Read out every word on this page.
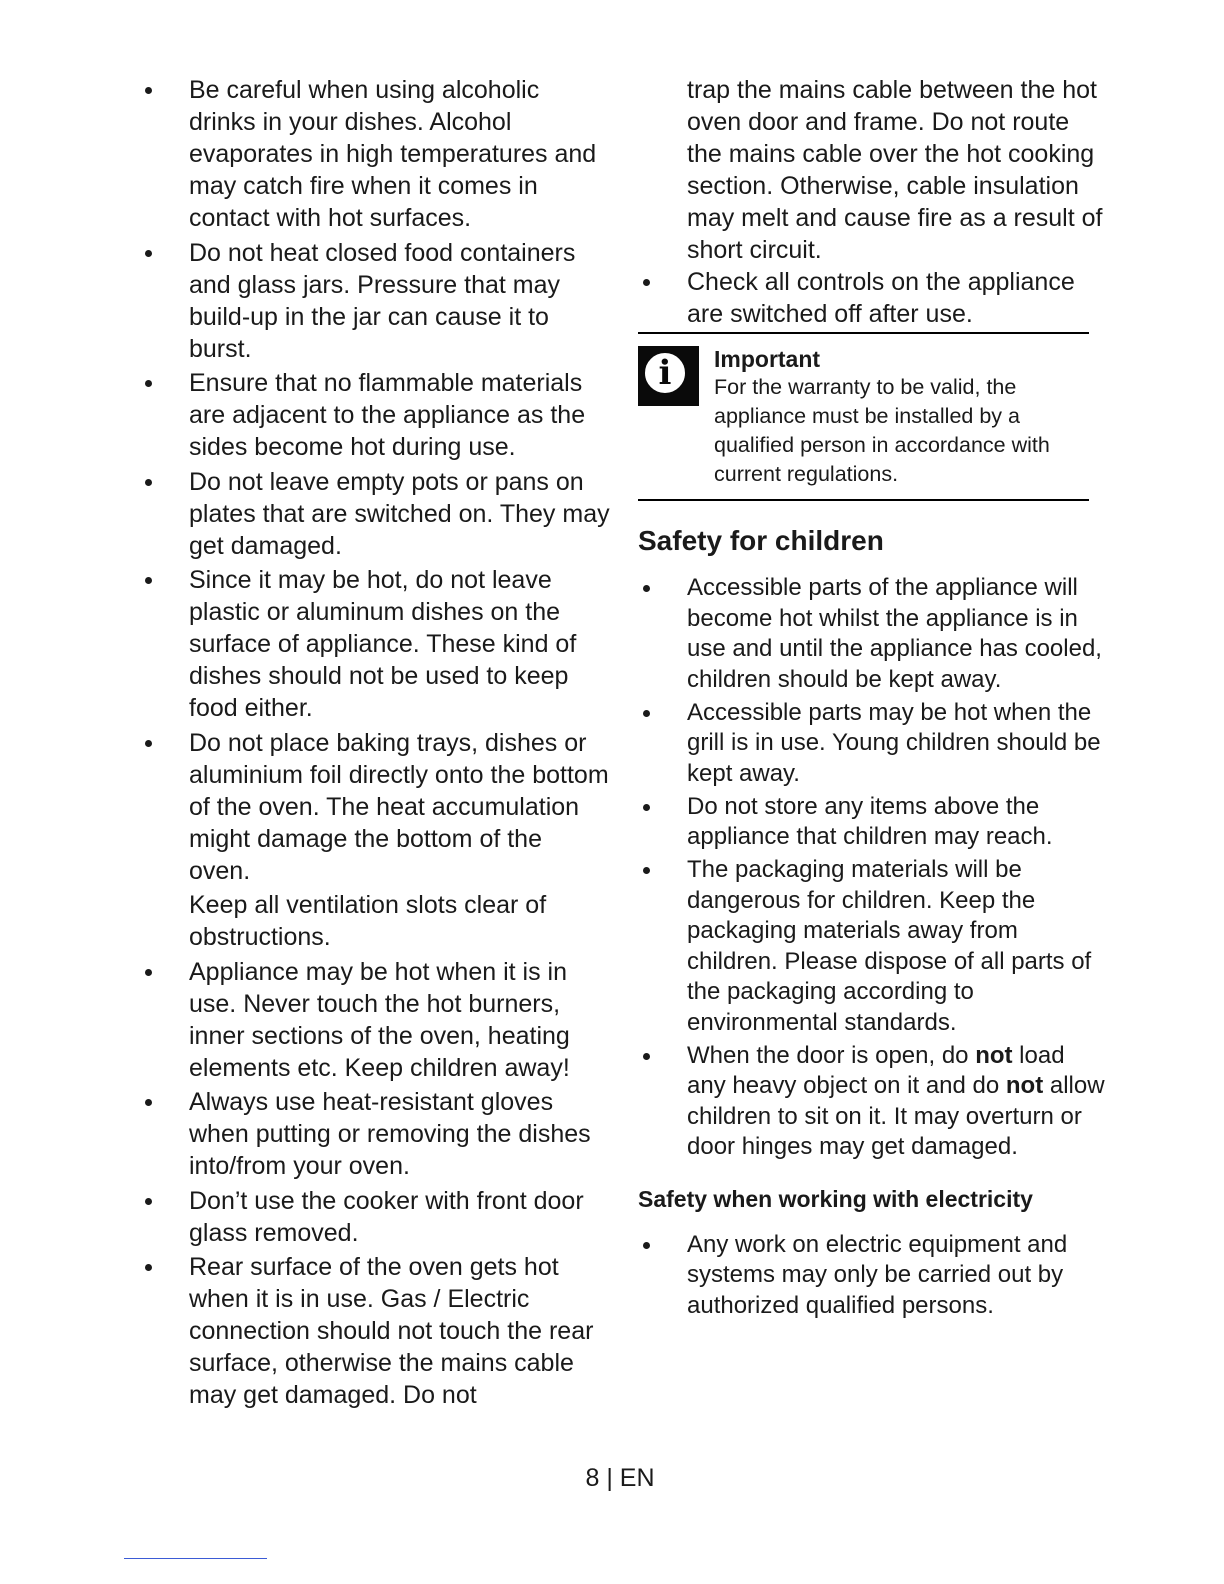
Be careful when using alcoholic drinks in your dishes. Alcohol evaporates in high temperatures and may catch fire when it comes in contact with hot surfaces.
Do not heat closed food containers and glass jars. Pressure that may build-up in the jar can cause it to burst.
Ensure that no flammable materials are adjacent to the appliance as the sides become hot during use.
Do not leave empty pots or pans on plates that are switched on. They may get damaged.
Since it may be hot, do not leave plastic or aluminum dishes on the surface of appliance. These kind of dishes should not be used to keep food either.
Do not place baking trays, dishes or aluminium foil directly onto the bottom of the oven. The heat accumulation might damage the bottom of the oven.
Keep all ventilation slots clear of obstructions.
Appliance may be hot when it is in use. Never touch the hot burners, inner sections of the oven, heating elements etc. Keep children away!
Always use heat-resistant gloves when putting or removing the dishes into/from your oven.
Don’t use the cooker with front door glass removed.
Rear surface of the oven gets hot when it is in use. Gas / Electric connection should not touch the rear surface, otherwise the mains cable may get damaged. Do not
trap the mains cable between the hot oven door and frame. Do not route the mains cable over the hot cooking section. Otherwise, cable insulation may melt and cause fire as a result of short circuit.
Check all controls on the appliance are switched off after use.
i	Important
For the warranty to be valid, the appliance must be installed by a qualified person in accordance with current regulations.
Safety for children
Accessible parts of the appliance will become hot whilst the appliance is in use and until the appliance has cooled, children should be kept away.
Accessible parts may be hot when the grill is in use. Young children should be kept away.
Do not store any items above the appliance that children may reach.
The packaging materials will be dangerous for children. Keep the packaging materials away from children. Please dispose of all parts of the packaging according to environmental standards.
When the door is open, do not load any heavy object on it and do not allow children to sit on it. It may overturn or door hinges may get damaged.
Safety when working with electricity
Any work on electric equipment and systems may only be carried out by authorized qualified persons.
8 | EN
